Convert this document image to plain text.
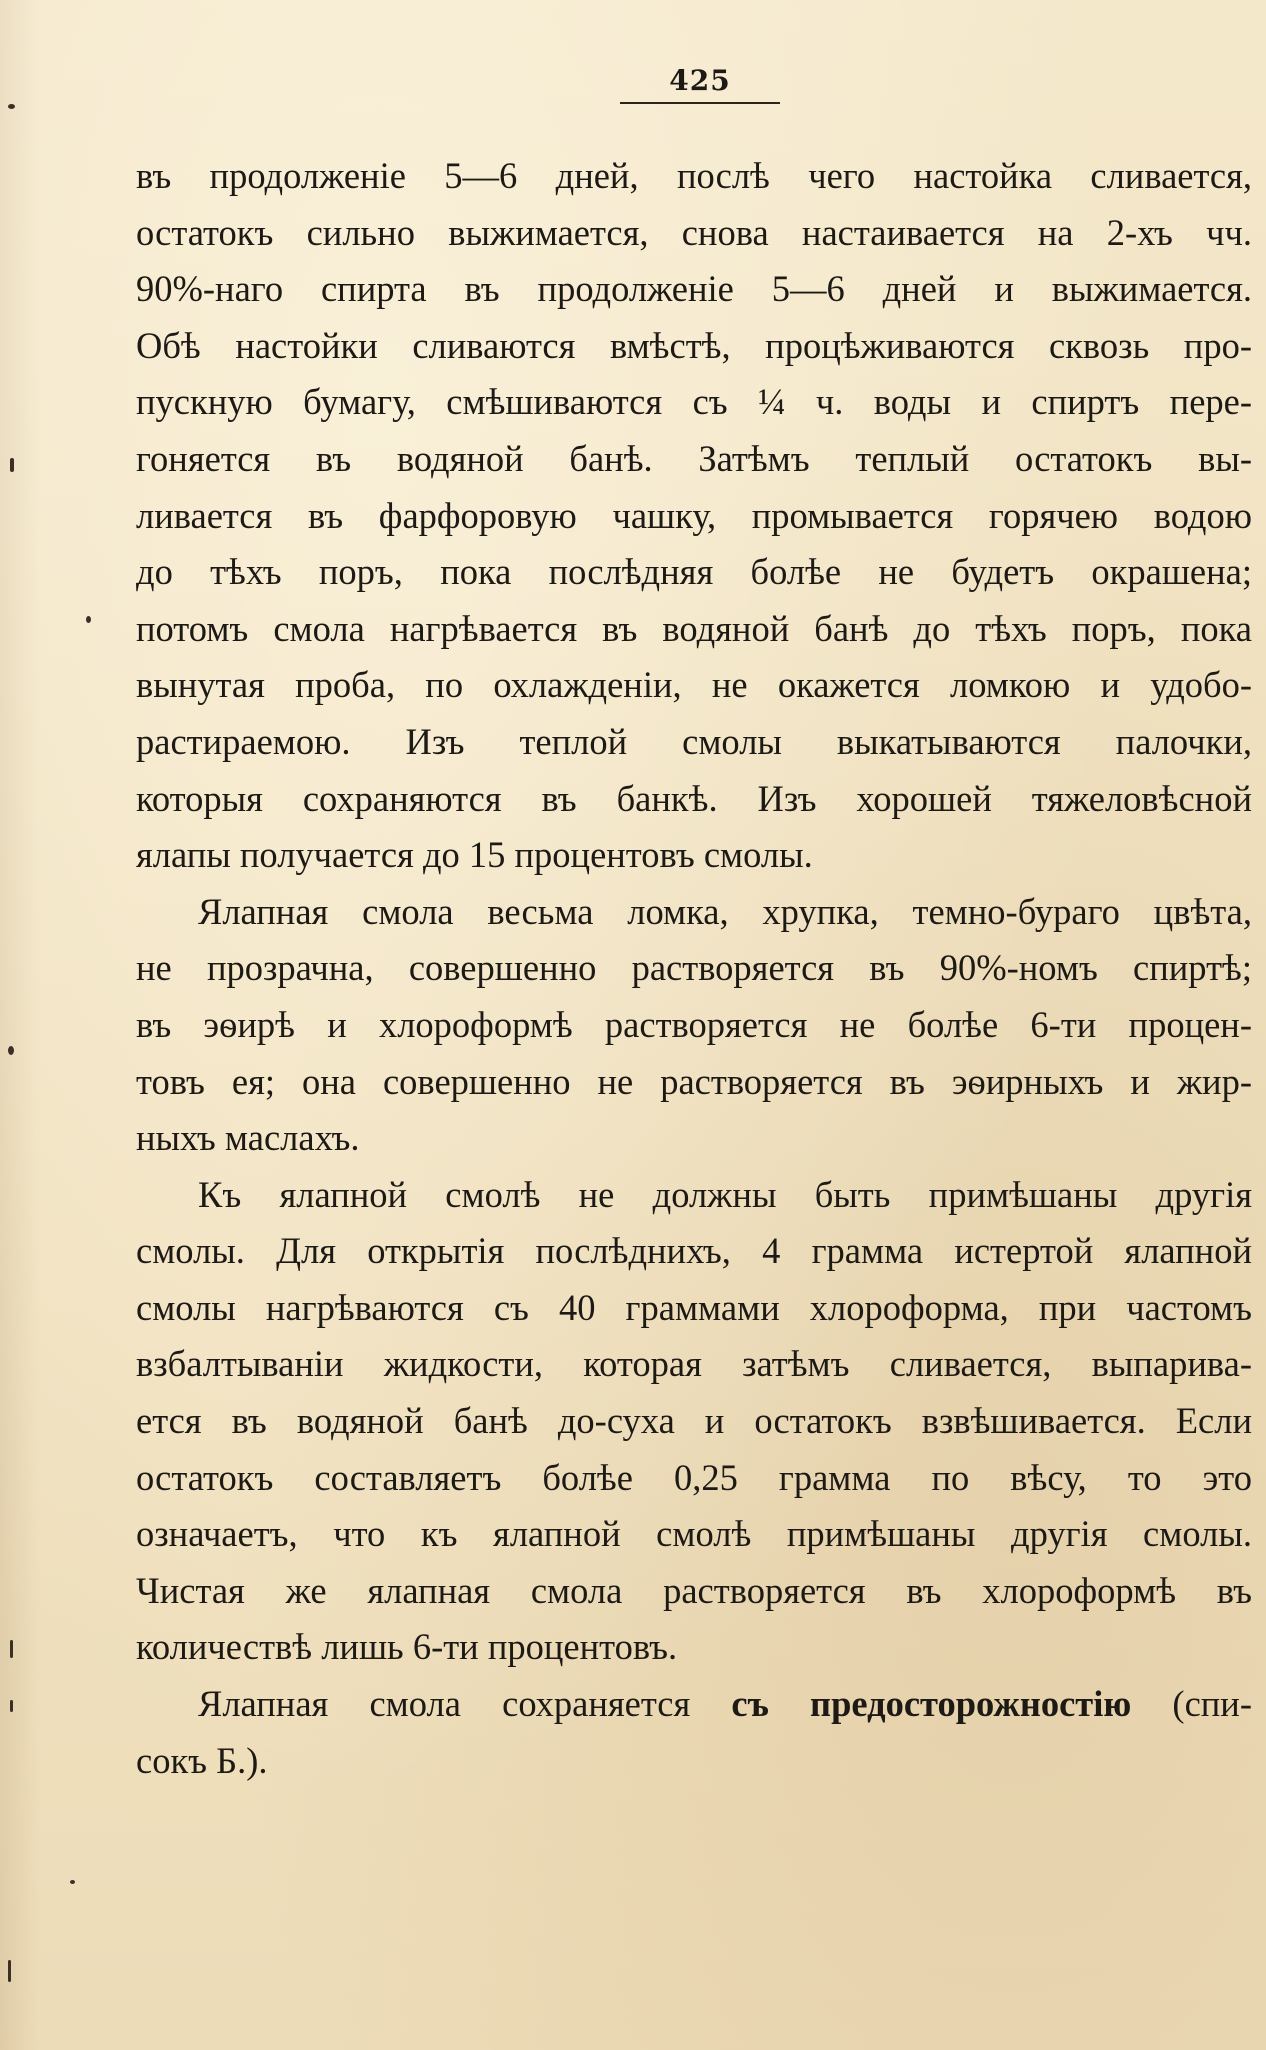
425
въ продолженіе 5—6 дней, послѣ чего настойка сливается,
остатокъ сильно выжимается, снова настаивается на 2-хъ чч.
90%-наго спирта въ продолженіе 5—6 дней и выжимается.
Обѣ настойки сливаются вмѣстѣ, процѣживаются сквозь про-
пускную бумагу, смѣшиваются съ ¼ ч. воды и спиртъ пере-
гоняется въ водяной банѣ. Затѣмъ теплый остатокъ вы-
ливается въ фарфоровую чашку, промывается горячею водою
до тѣхъ поръ, пока послѣдняя болѣе не будетъ окрашена;
потомъ смола нагрѣвается въ водяной банѣ до тѣхъ поръ, пока
вынутая проба, по охлажденіи, не окажется ломкою и удобо-
растираемою. Изъ теплой смолы выкатываются палочки,
которыя сохраняются въ банкѣ. Изъ хорошей тяжеловѣсной
ялапы получается до 15 процентовъ смолы.
Ялапная смола весьма ломка, хрупка, темно-бураго цвѣта,
не прозрачна, совершенно растворяется въ 90%-номъ спиртѣ;
въ эѳирѣ и хлороформѣ растворяется не болѣе 6-ти процен-
товъ ея; она совершенно не растворяется въ эѳирныхъ и жир-
ныхъ маслахъ.
Къ ялапной смолѣ не должны быть примѣшаны другія
смолы. Для открытія послѣднихъ, 4 грамма истертой ялапной
смолы нагрѣваются съ 40 граммами хлороформа, при частомъ
взбалтываніи жидкости, которая затѣмъ сливается, выпарива-
ется въ водяной банѣ до-суха и остатокъ взвѣшивается. Если
остатокъ составляетъ болѣе 0,25 грамма по вѣсу, то это
означаетъ, что къ ялапной смолѣ примѣшаны другія смолы.
Чистая же ялапная смола растворяется въ хлороформѣ въ
количествѣ лишь 6-ти процентовъ.
Ялапная смола сохраняется съ предосторожностію (спи-
сокъ Б.).
